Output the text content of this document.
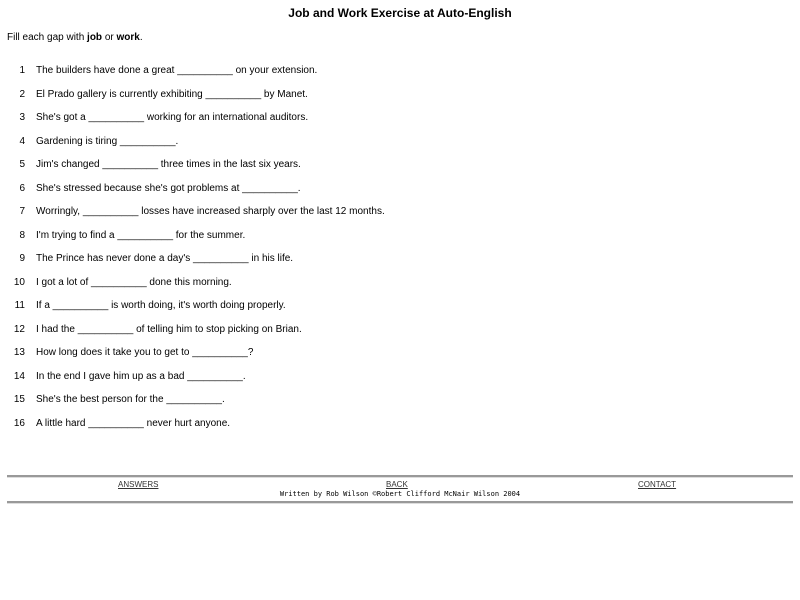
Job and Work Exercise at Auto-English
Fill each gap with job or work.
1	The builders have done a great __________ on your extension.
2	El Prado gallery is currently exhibiting __________ by Manet.
3	She's got a __________ working for an international auditors.
4	Gardening is tiring __________.
5	Jim's changed __________ three times in the last six years.
6	She's stressed because she's got problems at __________.
7	Worringly, __________ losses have increased sharply over the last 12 months.
8	I'm trying to find a __________ for the summer.
9	The Prince has never done a day's __________ in his life.
10	I got a lot of __________ done this morning.
11	If a __________ is worth doing, it's worth doing properly.
12	I had the __________ of telling him to stop picking on Brian.
13	How long does it take you to get to __________?
14	In the end I gave him up as a bad __________.
15	She's the best person for the __________.
16	A little hard __________ never hurt anyone.
ANSWERS	BACK	CONTACT
Written by Rob Wilson ©Robert Clifford McNair Wilson 2004
